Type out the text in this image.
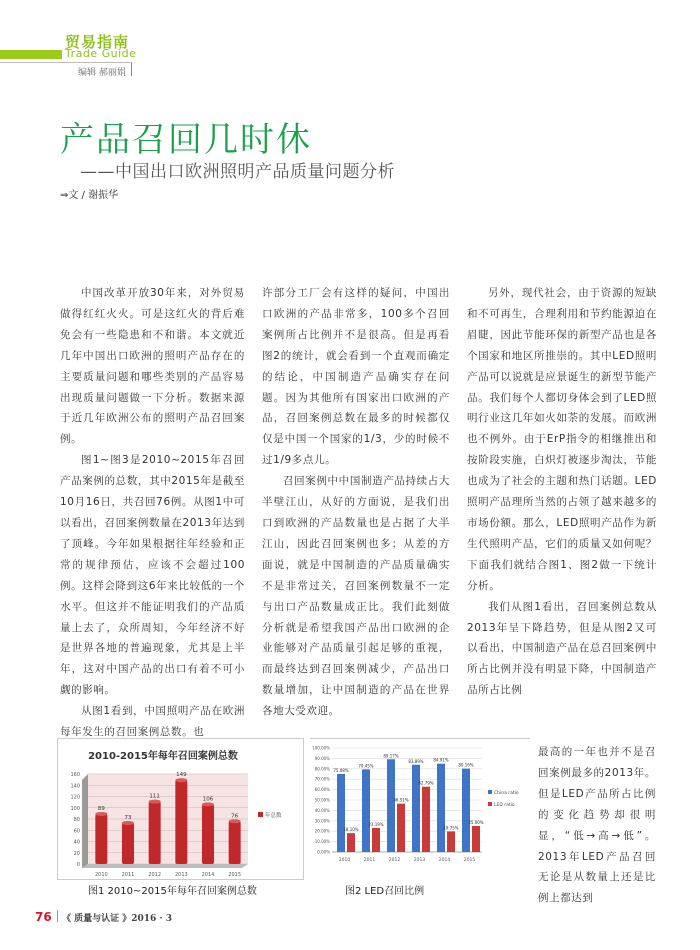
贸易指南
Trade Guide
编辑 郝丽娟
产品召回几时休
——中国出口欧洲照明产品质量问题分析
⇒文 / 谢振华

中国改革开放30年来，对外贸易做得红红火火。可是这红火的背后难免会有一些隐患和不和谐。本文就近几年中国出口欧洲的照明产品存在的主要质量问题和哪些类别的产品容易出现质量问题做一下分析。数据来源于近几年欧洲公布的照明产品召回案例。

图1~图3是2010~2015年召回产品案例的总数，其中2015年是截至10月16日，共召回76例。从图1中可以看出，召回案例数量在2013年达到了顶峰。今年如果根据往年经验和正常的规律预估，应该不会超过100例。这样会降到这6年来比较低的一个水平。但这并不能证明我们的产品质量上去了，众所周知，今年经济不好是世界各地的普遍现象，尤其是上半年，这对中国产品的出口有着不可小觑的影响。

从图1看到，中国照明产品在欧洲每年发生的召回案例总数。也

许部分工厂会有这样的疑问，中国出口欧洲的产品非常多，100多个召回案例所占比例并不是很高。但是再看图2的统计，就会看到一个直观而确定的结论，中国制造产品确实存在问题。因为其他所有国家出口欧洲的产品，召回案例总数在最多的时候都仅仅是中国一个国家的1/3，少的时候不过1/9多点儿。

召回案例中中国制造产品持续占大半壁江山，从好的方面说，是我们出口到欧洲的产品数量也是占据了大半江山，因此召回案例也多；从差的方面说，就是中国制造的产品质量确实不是非常过关，召回案例数量不一定与出口产品数量成正比。我们此刻做分析就是希望我国产品出口欧洲的企业能够对产品质量引起足够的重视，而最终达到召回案例减少，产品出口数量增加，让中国制造的产品在世界各地大受欢迎。

另外，现代社会，由于资源的短缺和不可再生，合理利用和节约能源迫在眉睫，因此节能环保的新型产品也是各个国家和地区所推崇的。其中LED照明产品可以说就是应景诞生的新型节能产品。我们每个人都切身体会到了LED照明行业这几年如火如荼的发展。而欧洲也不例外。由于ErP指令的相继推出和按阶段实施，白炽灯被逐步淘汰，节能也成为了社会的主题和热门话题。LED照明产品理所当然的占领了越来越多的市场份额。那么，LED照明产品作为新生代照明产品，它们的质量又如何呢？下面我们就结合图1、图2做一下统计分析。

我们从图1看出，召回案例总数从2013年呈下降趋势，但是从图2又可以看出，中国制造产品在总召回案例中所占比例并没有明显下降，中国制造产品所占比例

最高的一年也并不是召回案例最多的2013年。但是LED产品所占比例的变化趋势却很明显，“低→高→低”。2013年LED产品召回无论是从数量上还是比例上都达到

2010-2015年每年召回案例总数
0
20
40
60
80
100
120
140
160
89
2010
73
2011
111
2012
149
2013
106
2014
76
2015
年总数
图1 2010~2015年每年召回案例总数
0.00%
10.00%
20.00%
30.00%
40.00%
50.00%
60.00%
70.00%
80.00%
90.00%
100.00%
75.08%
18.10%
2010
79.45%
23.19%
2011
89.17%
46.51%
2012
83.89%
62.79%
2013
84.91%
19.75%
2014
80.16%
25.00%
2015
China ratio
LED ratio
图2 LED召回比例
76 《 质量与认证 》2016 · 3
